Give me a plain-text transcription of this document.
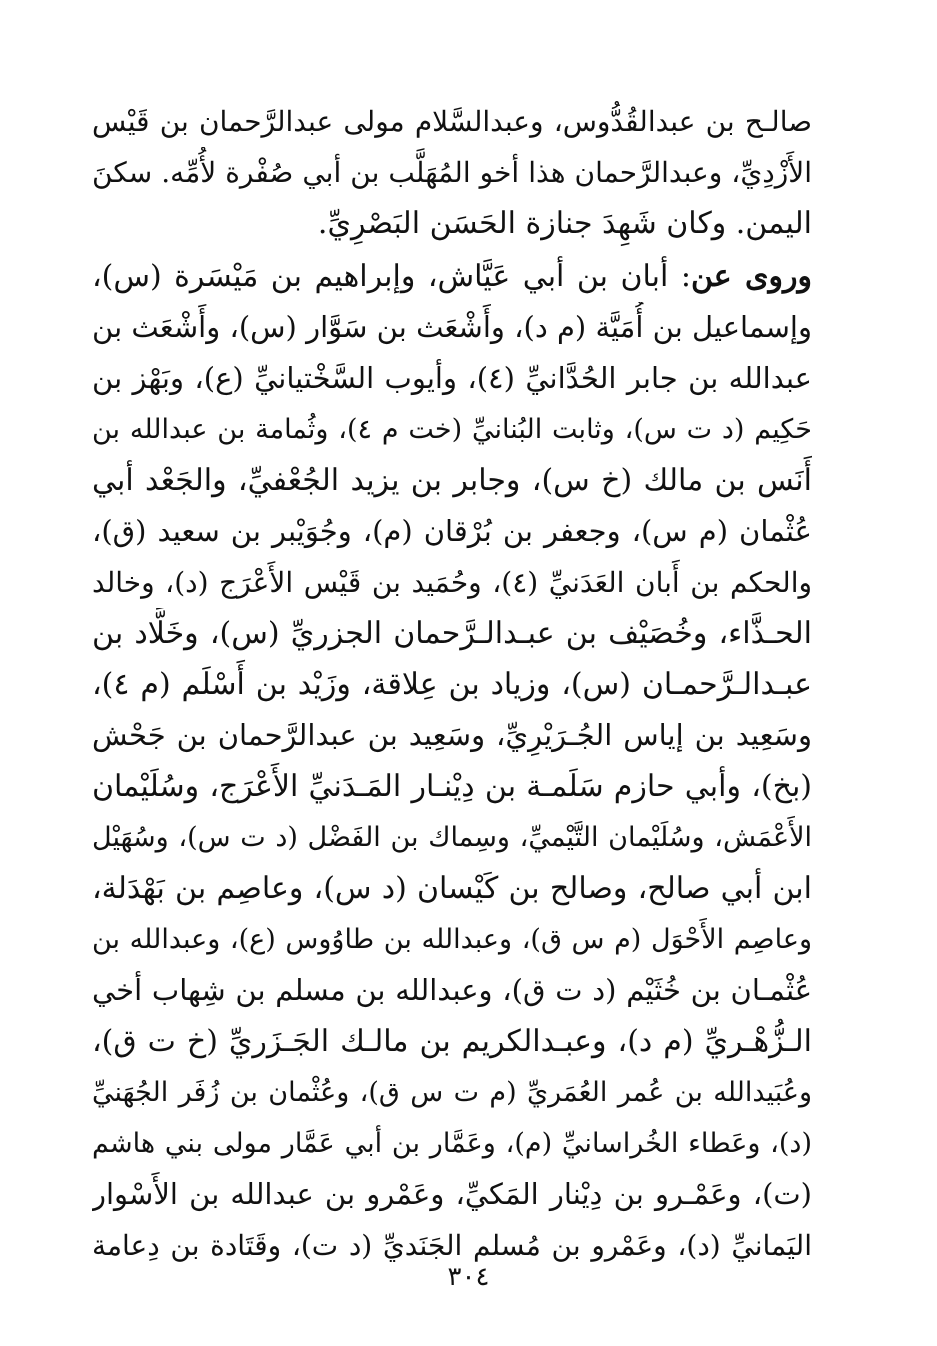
صالـح بن عبدالقُدُّوس، وعبدالسَّلام مولى عبدالرَّحمان بن قَيْس
الأَزْدِيِّ، وعبدالرَّحمان هذا أخو المُهَلَّب بن أبي صُفْرة لأُمِّه. سكنَ
اليمن. وكان شَهِدَ جنازة الحَسَن البَصْرِيِّ.
وروى عن: أبان بن أبي عَيَّاش، وإبراهيم بن مَيْسَرة (س)،
وإسماعيل بن أُمَيَّة (م د)، وأَشْعَث بن سَوَّار (س)، وأَشْعَث بن
عبدالله بن جابر الحُدَّانيِّ (٤)، وأيوب السَّخْتيانيِّ (ع)، وبَهْز بن
حَكِيم (د ت س)، وثابت البُنانيِّ (خت م ٤)، وثُمامة بن عبدالله بن
أَنَس بن مالك (خ س)، وجابر بن يزيد الجُعْفيِّ، والجَعْد أبي
عُثْمان (م س)، وجعفر بن بُرْقان (م)، وجُوَيْبر بن سعيد (ق)،
والحكم بن أَبان العَدَنيِّ (٤)، وحُمَيد بن قَيْس الأَعْرَج (د)، وخالد
الحـذَّاء، وخُصَيْف بن عبـدالـرَّحمان الجزريِّ (س)، وخَلَّاد بن
عبـدالـرَّحمـان (س)، وزياد بن عِلاقة، وزَيْد بن أَسْلَم (م ٤)،
وسَعِيد بن إياس الجُـرَيْرِيِّ، وسَعِيد بن عبدالرَّحمان بن جَحْش
(بخ)، وأبي حازم سَلَمـة بن دِيْنـار المَـدَنيِّ الأَعْرَج، وسُلَيْمان
الأَعْمَش، وسُلَيْمان التَّيْميِّ، وسِماك بن الفَضْل (د ت س)، وسُهَيْل
ابن أبي صالح، وصالح بن كَيْسان (د س)، وعاصِم بن بَهْدَلة،
وعاصِم الأَحْوَل (م س ق)، وعبدالله بن طاوُوس (ع)، وعبدالله بن
عُثْمـان بن خُثَيْم (د ت ق)، وعبدالله بن مسلم بن شِهاب أخي
الـزُّهْـريِّ (م د)، وعبـدالكريم بن مالـك الجَـزَريِّ (خ ت ق)،
وعُبَيدالله بن عُمر العُمَريِّ (م ت س ق)، وعُثْمان بن زُفَر الجُهَنيِّ
(د)، وعَطاء الخُراسانيِّ (م)، وعَمَّار بن أبي عَمَّار مولى بني هاشم
(ت)، وعَمْـرو بن دِيْنار المَكيِّ، وعَمْرو بن عبدالله بن الأَسْوار
اليَمانيِّ (د)، وعَمْرو بن مُسلم الجَنَديِّ (د ت)، وقَتَادة بن دِعامة
٣٠٤
